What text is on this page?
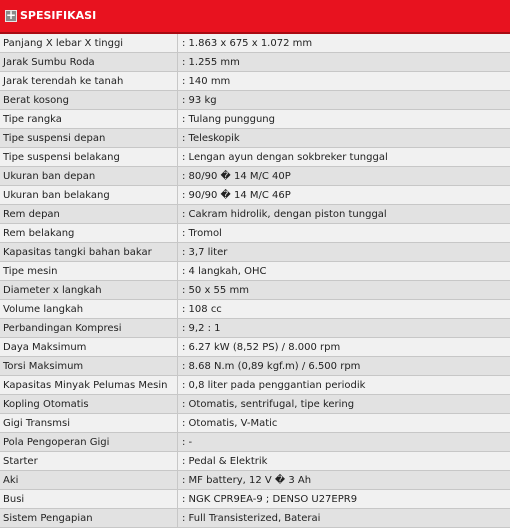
+ SPESIFIKASI
Panjang X lebar X tinggi	: 1.863 x 675 x 1.072 mm
Jarak Sumbu Roda	: 1.255 mm
Jarak terendah ke tanah	: 140 mm
Berat kosong	: 93 kg
Tipe rangka	: Tulang punggung
Tipe suspensi depan	: Teleskopik
Tipe suspensi belakang	: Lengan ayun dengan sokbreker tunggal
Ukuran ban depan	: 80/90 � 14 M/C 40P
Ukuran ban belakang	: 90/90 � 14 M/C 46P
Rem depan	: Cakram hidrolik, dengan piston tunggal
Rem belakang	: Tromol
Kapasitas tangki bahan bakar	: 3,7 liter
Tipe mesin	: 4 langkah, OHC
Diameter x langkah	: 50 x 55 mm
Volume langkah	: 108 cc
Perbandingan Kompresi	: 9,2 : 1
Daya Maksimum	: 6.27 kW (8,52 PS) / 8.000 rpm
Torsi Maksimum	: 8.68 N.m (0,89 kgf.m) / 6.500 rpm
Kapasitas Minyak Pelumas Mesin : 0,8 liter pada penggantian periodik
Kopling Otomatis	: Otomatis, sentrifugal, tipe kering
Gigi Transmsi	: Otomatis, V-Matic
Pola Pengoperan Gigi	: -
Starter	: Pedal & Elektrik
Aki	: MF battery, 12 V � 3 Ah
Busi	: NGK CPR9EA-9 ; DENSO U27EPR9
Sistem Pengapian	: Full Transisterized, Baterai
